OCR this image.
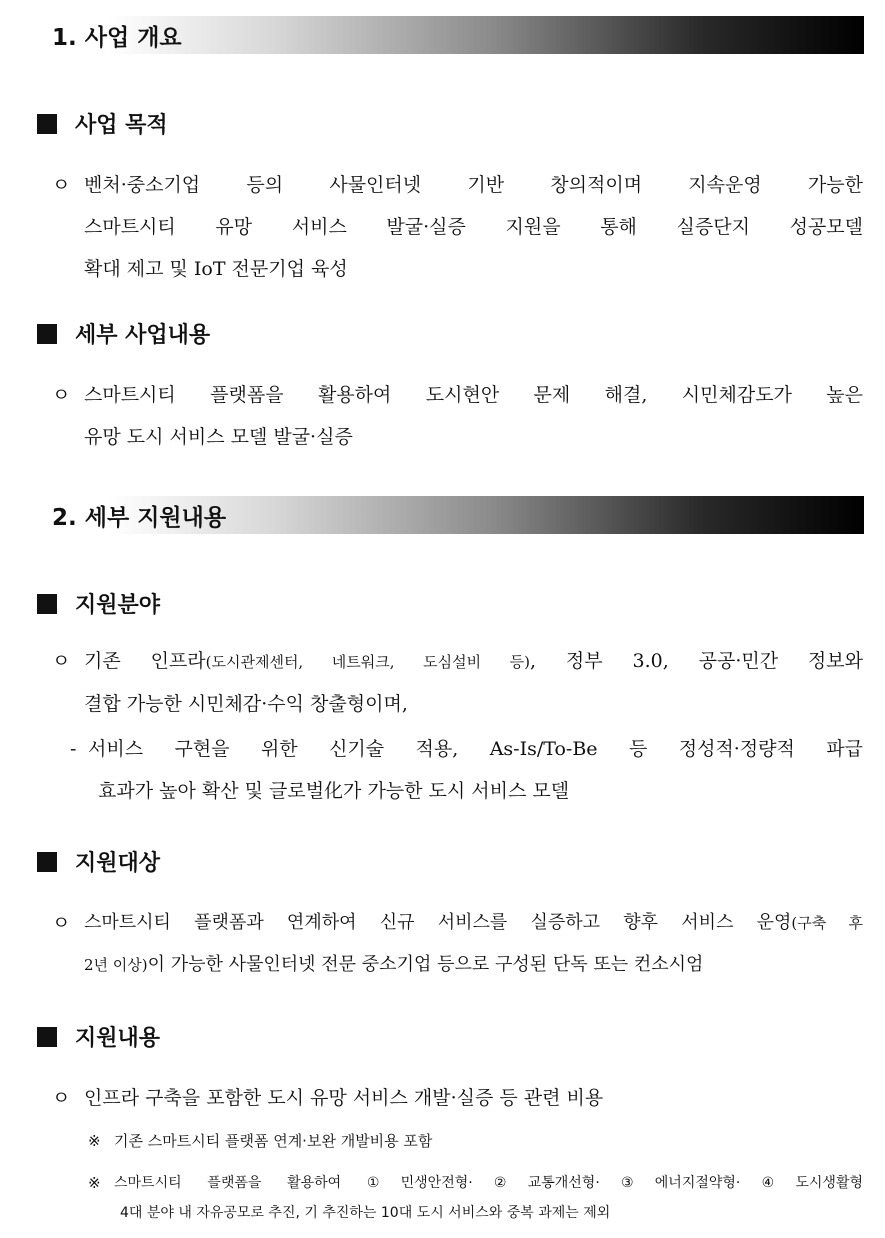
1. 사업 개요
사업 목적
ㅇ 벤처·중소기업 등의 사물인터넷 기반 창의적이며 지속운영 가능한
스마트시티 유망 서비스 발굴·실증 지원을 통해 실증단지 성공모델
확대 제고 및 IoT 전문기업 육성
세부 사업내용
ㅇ 스마트시티 플랫폼을 활용하여 도시현안 문제 해결, 시민체감도가 높은
유망 도시 서비스 모델 발굴·실증
2. 세부 지원내용
지원분야
ㅇ 기존 인프라(도시관제센터, 네트워크, 도심설비 등), 정부 3.0, 공공·민간 정보와
결합 가능한 시민체감·수익 창출형이며,
- 서비스 구현을 위한 신기술 적용, As-Is/To-Be 등 정성적·정량적 파급
효과가 높아 확산 및 글로벌化가 가능한 도시 서비스 모델
지원대상
ㅇ 스마트시티 플랫폼과 연계하여 신규 서비스를 실증하고 향후 서비스 운영(구축 후
2년 이상)이 가능한 사물인터넷 전문 중소기업 등으로 구성된 단독 또는 컨소시엄
지원내용
ㅇ 인프라 구축을 포함한 도시 유망 서비스 개발·실증 등 관련 비용
※ 기존 스마트시티 플랫폼 연계·보완 개발비용 포함
※ 스마트시티 플랫폼을 활용하여 ①민생안전형·②교통개선형·③에너지절약형·④도시생활형
4대 분야 내 자유공모로 추진, 기 추진하는 10대 도시 서비스와 중복 과제는 제외
